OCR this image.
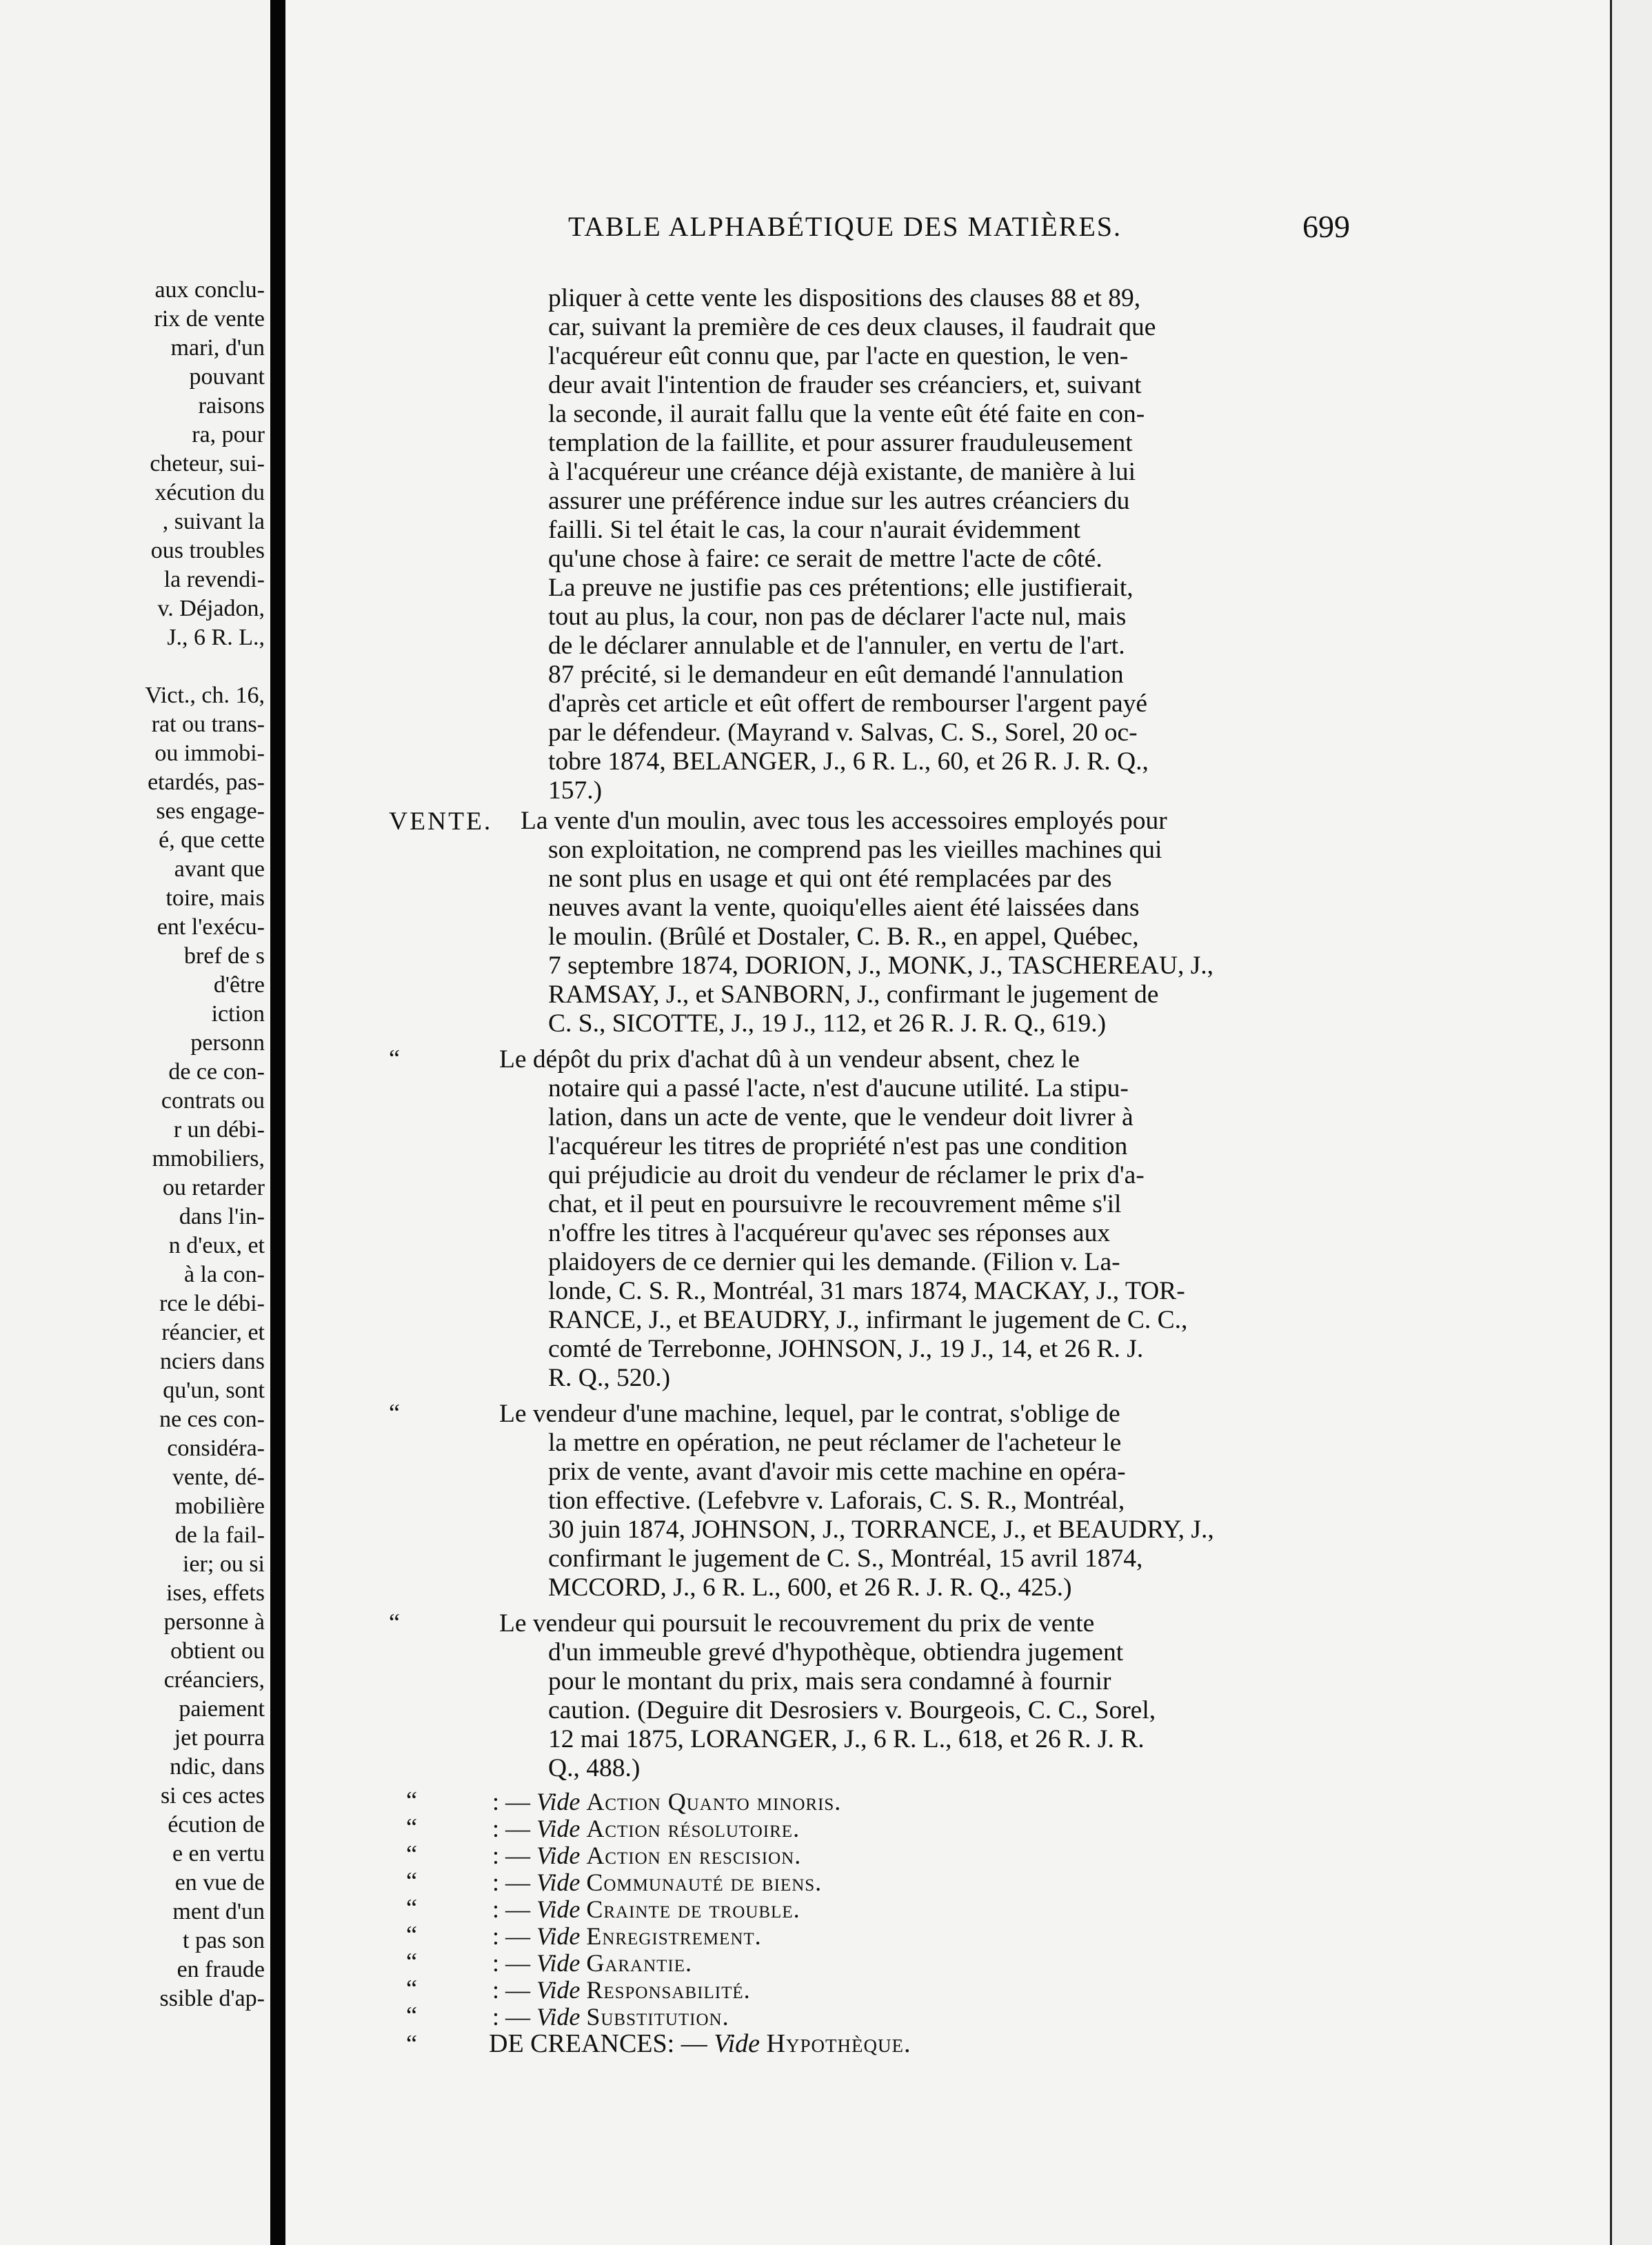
aux conclu-
rix de vente
mari, d'un
pouvant
raisons
ra, pour
cheteur, sui-
xécution du
, suivant la
ous troubles
la revendi-
v. Déjadon,
J., 6 R. L.,
Vict., ch. 16,
rat ou trans-
ou immobi-
etardés, pas-
ses engage-
é, que cette
avant que
toire, mais
ent l'exécu-
bref de s
d'être
iction
personn
de ce con-
contrats ou
r un débi-
mmobiliers,
ou retarder
dans l'in-
n d'eux, et
à la con-
rce le débi-
réancier, et
nciers dans
qu'un, sont
ne ces con-
considéra-
vente, dé-
mobilière
de la fail-
ier; ou si
ises, effets
personne à
obtient ou
créanciers,
paiement
jet pourra
ndic, dans
si ces actes
écution de
e en vertu
en vue de
ment d'un
t pas son
en fraude
ssible d'ap-
TABLE ALPHABÉTIQUE DES MATIÈRES.	699
pliquer à cette vente les dispositions des clauses 88 et 89,
car, suivant la première de ces deux clauses, il faudrait que
l'acquéreur eût connu que, par l'acte en question, le ven-
deur avait l'intention de frauder ses créanciers, et, suivant
la seconde, il aurait fallu que la vente eût été faite en con-
templation de la faillite, et pour assurer frauduleusement
à l'acquéreur une créance déjà existante, de manière à lui
assurer une préférence indue sur les autres créanciers du
failli. Si tel était le cas, la cour n'aurait évidemment
qu'une chose à faire: ce serait de mettre l'acte de côté.
La preuve ne justifie pas ces prétentions; elle justifierait,
tout au plus, la cour, non pas de déclarer l'acte nul, mais
de le déclarer annulable et de l'annuler, en vertu de l'art.
87 précité, si le demandeur en eût demandé l'annulation
d'après cet article et eût offert de rembourser l'argent payé
par le défendeur. (Mayrand v. Salvas, C. S., Sorel, 20 oc-
tobre 1874, BELANGER, J., 6 R. L., 60, et 26 R. J. R. Q.,
157.)
VENTE. La vente d'un moulin, avec tous les accessoires employés pour
son exploitation, ne comprend pas les vieilles machines qui
ne sont plus en usage et qui ont été remplacées par des
neuves avant la vente, quoiqu'elles aient été laissées dans
le moulin. (Brûlé et Dostaler, C. B. R., en appel, Québec,
7 septembre 1874, DORION, J., MONK, J., TASCHEREAU, J.,
RAMSAY, J., et SANBORN, J., confirmant le jugement de
C. S., SICOTTE, J., 19 J., 112, et 26 R. J. R. Q., 619.)
“	Le dépôt du prix d'achat dû à un vendeur absent, chez le
notaire qui a passé l'acte, n'est d'aucune utilité. La stipu-
lation, dans un acte de vente, que le vendeur doit livrer à
l'acquéreur les titres de propriété n'est pas une condition
qui préjudicie au droit du vendeur de réclamer le prix d'a-
chat, et il peut en poursuivre le recouvrement même s'il
n'offre les titres à l'acquéreur qu'avec ses réponses aux
plaidoyers de ce dernier qui les demande. (Filion v. La-
londe, C. S. R., Montréal, 31 mars 1874, MACKAY, J., TOR-
RANCE, J., et BEAUDRY, J., infirmant le jugement de C. C.,
comté de Terrebonne, JOHNSON, J., 19 J., 14, et 26 R. J.
R. Q., 520.)
“	Le vendeur d'une machine, lequel, par le contrat, s'oblige de
la mettre en opération, ne peut réclamer de l'acheteur le
prix de vente, avant d'avoir mis cette machine en opéra-
tion effective. (Lefebvre v. Laforais, C. S. R., Montréal,
30 juin 1874, JOHNSON, J., TORRANCE, J., et BEAUDRY, J.,
confirmant le jugement de C. S., Montréal, 15 avril 1874,
MCCORD, J., 6 R. L., 600, et 26 R. J. R. Q., 425.)
“	Le vendeur qui poursuit le recouvrement du prix de vente
d'un immeuble grevé d'hypothèque, obtiendra jugement
pour le montant du prix, mais sera condamné à fournir
caution. (Deguire dit Desrosiers v. Bourgeois, C. C., Sorel,
12 mai 1875, LORANGER, J., 6 R. L., 618, et 26 R. J. R.
Q., 488.)
“	: — Vide Action Quanto minoris.
“	: — Vide Action résolutoire.
“	: — Vide Action en rescision.
“	: — Vide Communauté de biens.
“	: — Vide Crainte de trouble.
“	: — Vide Enregistrement.
“	: — Vide Garantie.
“	: — Vide Responsabilité.
“	: — Vide Substitution.
“	DE CREANCES: — Vide Hypothèque.
